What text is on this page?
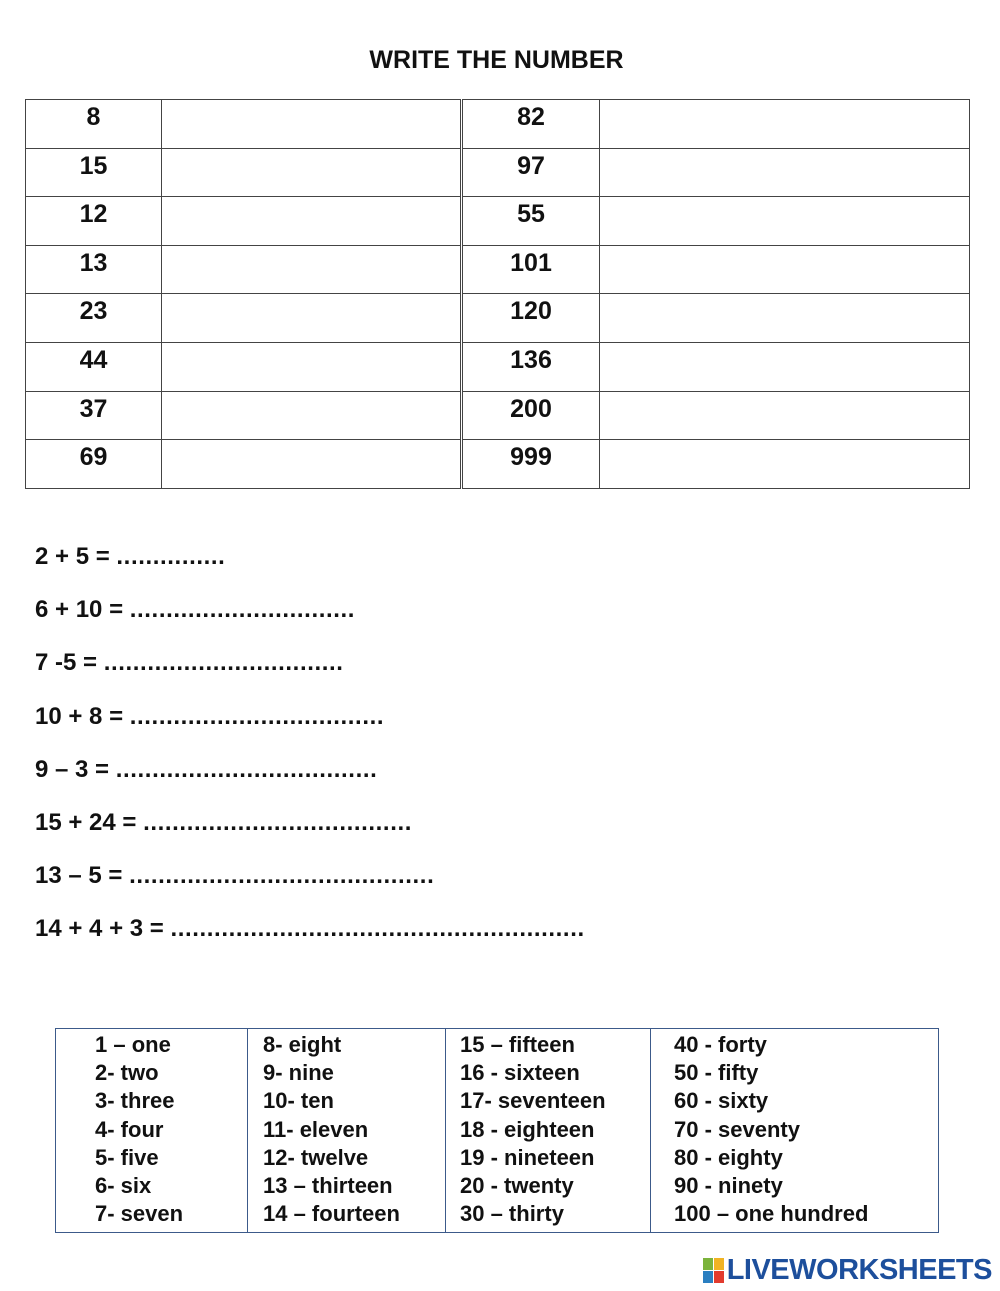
WRITE THE NUMBER
8	
15	
12	
13	
23	
44	
37	
69	
82	
97	
55	
101	
120	
136	
200	
999	
2 + 5 = ...............
6 + 10 = ...............................
7 -5 = .................................
10 + 8 = ...................................
9 – 3 = ....................................
15 + 24 = .....................................
13 – 5 = ..........................................
14 + 4 + 3 = .........................................................
1 – one
2- two
3- three
4- four
5- five
6- six
7- seven

8- eight
9- nine
10- ten
11- eleven
12- twelve
13 – thirteen
14 – fourteen

15 – fifteen
16 - sixteen
17- seventeen
18 - eighteen
19 - nineteen
20 - twenty
30 – thirty

40 - forty
50 - fifty
60 - sixty
70 - seventy
80 - eighty
90 - ninety
100 – one hundred
LIVEWORKSHEETS
